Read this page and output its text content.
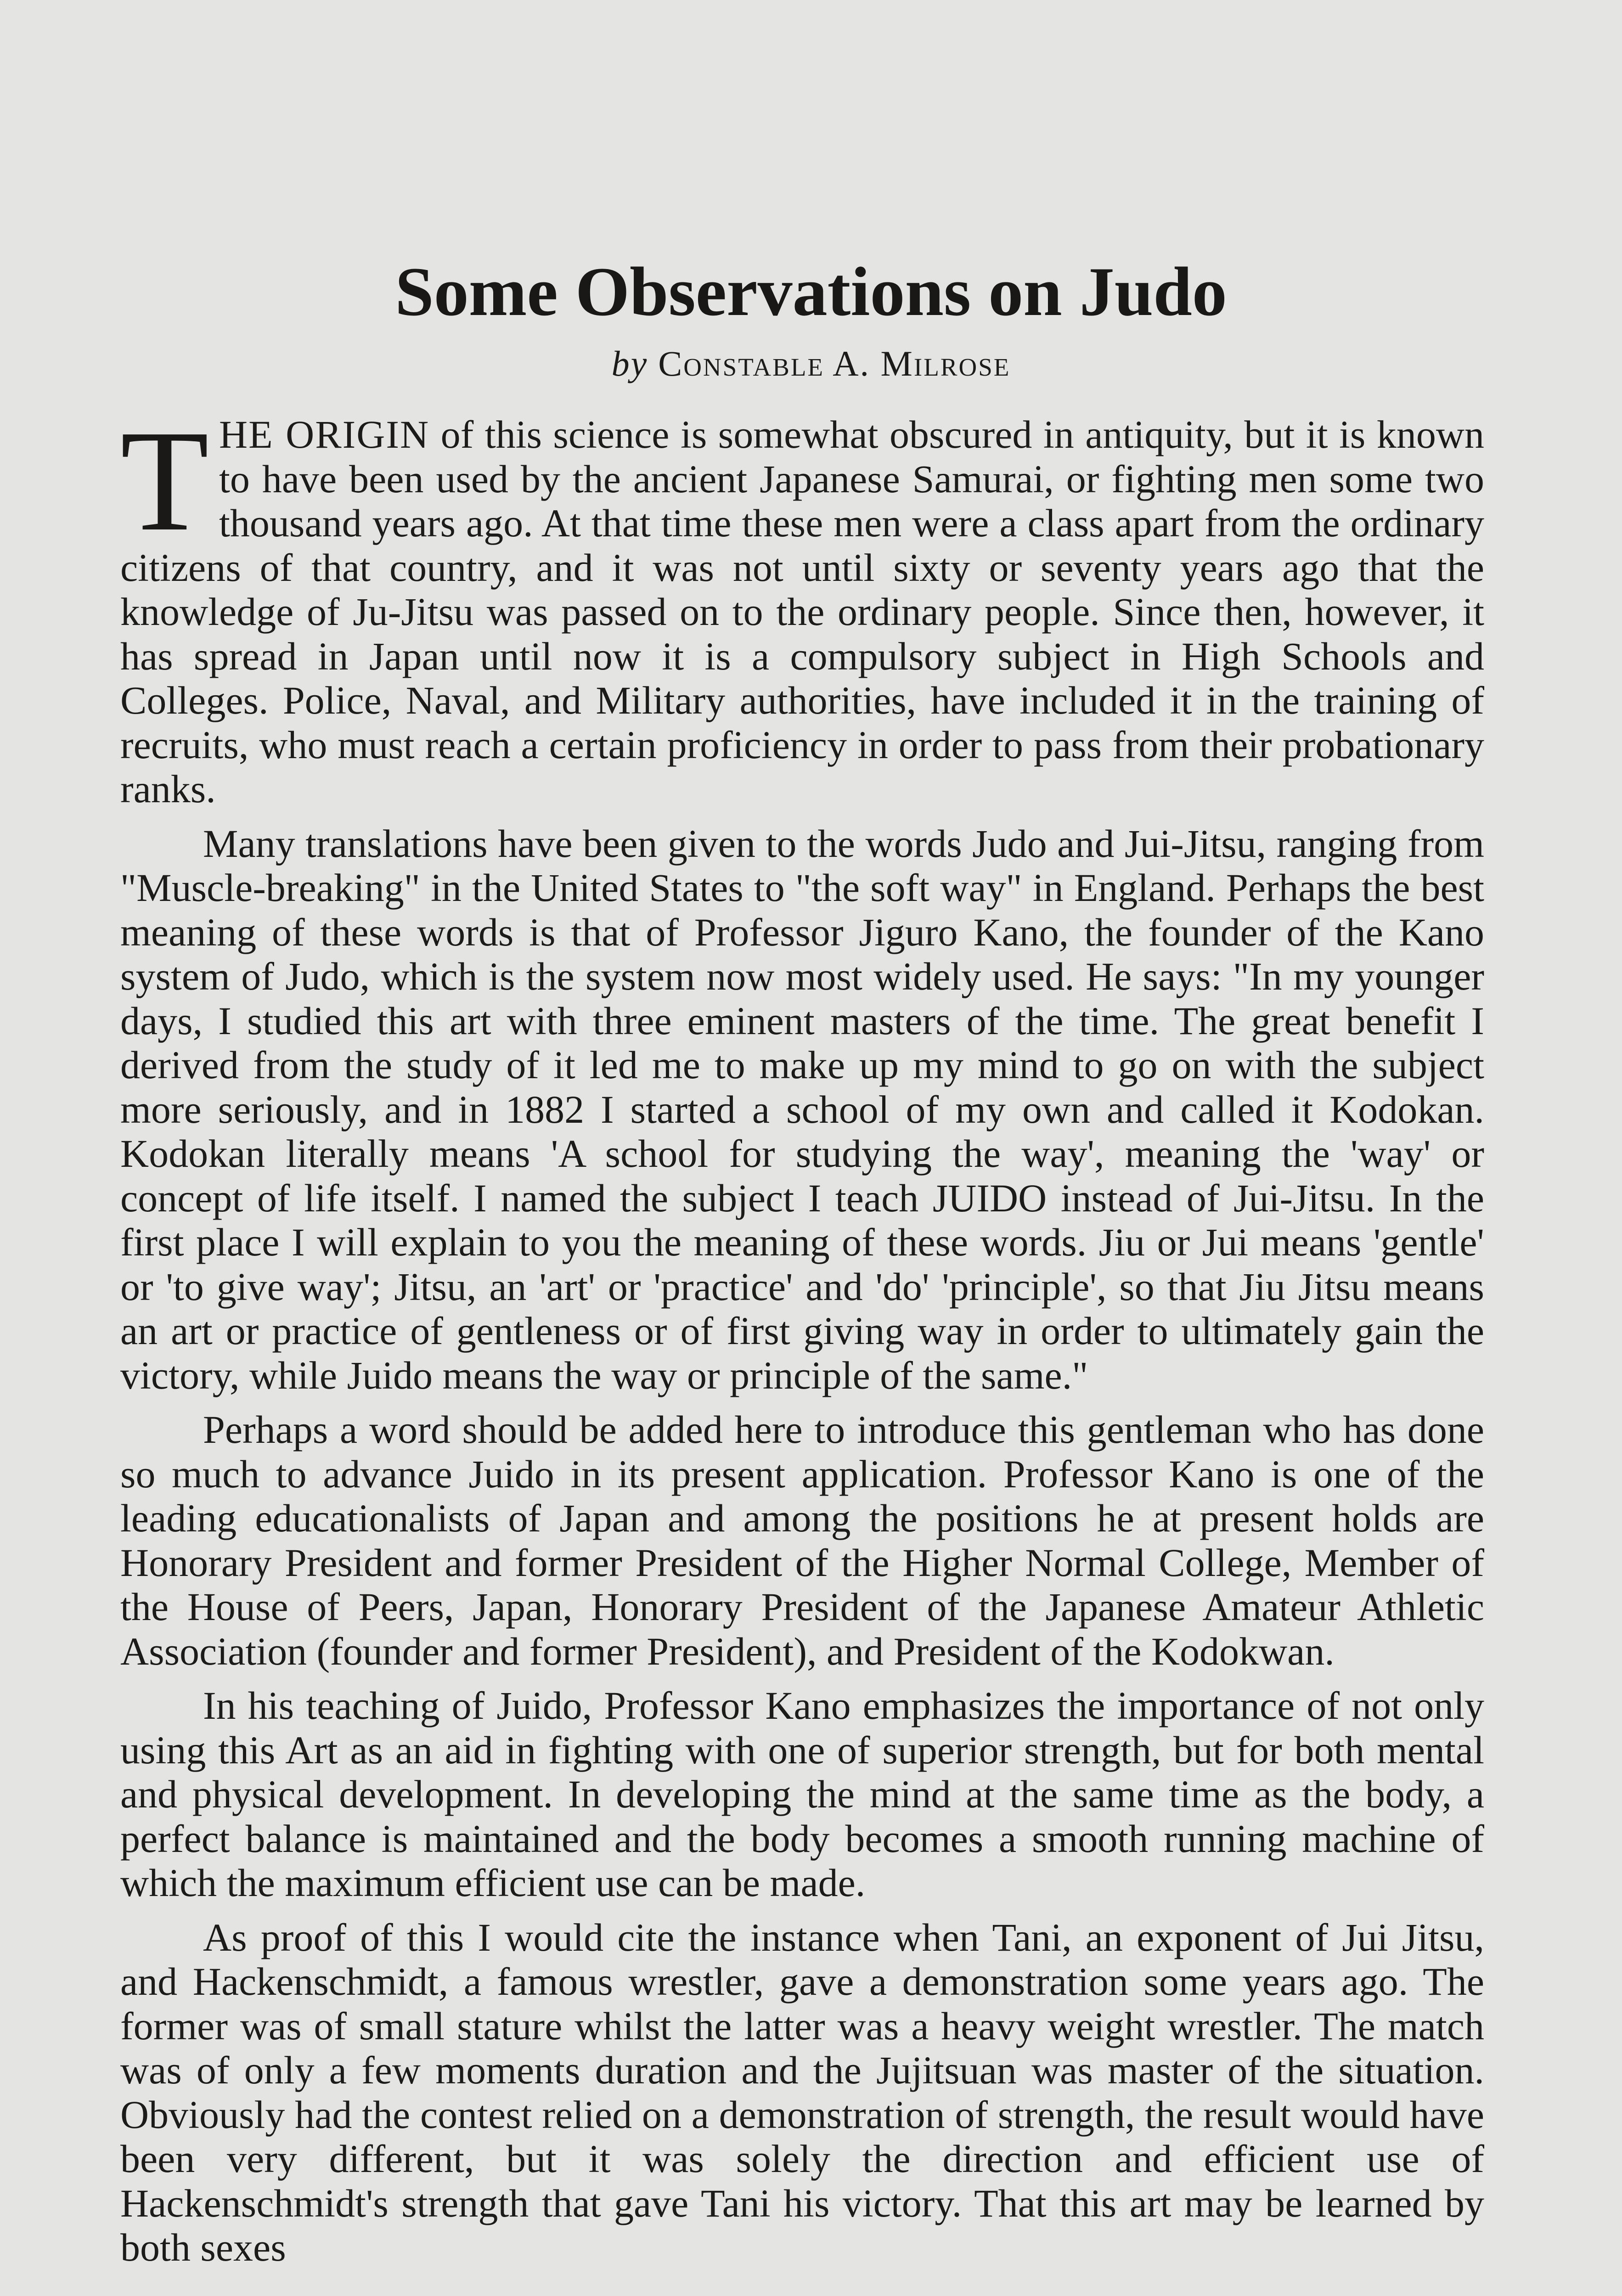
Some Observations on Judo
by Constable A. Milrose

THE ORIGIN of this science is somewhat obscured in antiquity, but it is known to have been used by the ancient Japanese Samurai, or fighting men some two thousand years ago. At that time these men were a class apart from the ordinary citizens of that country, and it was not until sixty or seventy years ago that the knowledge of Ju-Jitsu was passed on to the ordinary people. Since then, however, it has spread in Japan until now it is a compulsory subject in High Schools and Colleges. Police, Naval, and Military authorities, have included it in the training of recruits, who must reach a certain proficiency in order to pass from their probationary ranks.

Many translations have been given to the words Judo and Jui-Jitsu, ranging from "Muscle-breaking" in the United States to "the soft way" in England. Perhaps the best meaning of these words is that of Professor Jiguro Kano, the founder of the Kano system of Judo, which is the system now most widely used. He says: "In my younger days, I studied this art with three eminent masters of the time. The great benefit I derived from the study of it led me to make up my mind to go on with the subject more seriously, and in 1882 I started a school of my own and called it Kodokan. Kodokan literally means 'A school for studying the way', meaning the 'way' or concept of life itself. I named the subject I teach JUIDO instead of Jui-Jitsu. In the first place I will explain to you the meaning of these words. Jiu or Jui means 'gentle' or 'to give way'; Jitsu, an 'art' or 'practice' and 'do' 'principle', so that Jiu Jitsu means an art or practice of gentleness or of first giving way in order to ultimately gain the victory, while Juido means the way or principle of the same."

Perhaps a word should be added here to introduce this gentleman who has done so much to advance Juido in its present application. Professor Kano is one of the leading educationalists of Japan and among the positions he at present holds are Honorary President and former President of the Higher Normal College, Member of the House of Peers, Japan, Honorary President of the Japanese Amateur Athletic Association (founder and former President), and President of the Kodokwan.

In his teaching of Juido, Professor Kano emphasizes the importance of not only using this Art as an aid in fighting with one of superior strength, but for both mental and physical development. In developing the mind at the same time as the body, a perfect balance is maintained and the body becomes a smooth running machine of which the maximum efficient use can be made.

As proof of this I would cite the instance when Tani, an exponent of Jui Jitsu, and Hackenschmidt, a famous wrestler, gave a demonstration some years ago. The former was of small stature whilst the latter was a heavy weight wrestler. The match was of only a few moments duration and the Jujitsuan was master of the situation. Obviously had the contest relied on a demonstration of strength, the result would have been very different, but it was solely the direction and efficient use of Hackenschmidt's strength that gave Tani his victory. That this art may be learned by both sexes
